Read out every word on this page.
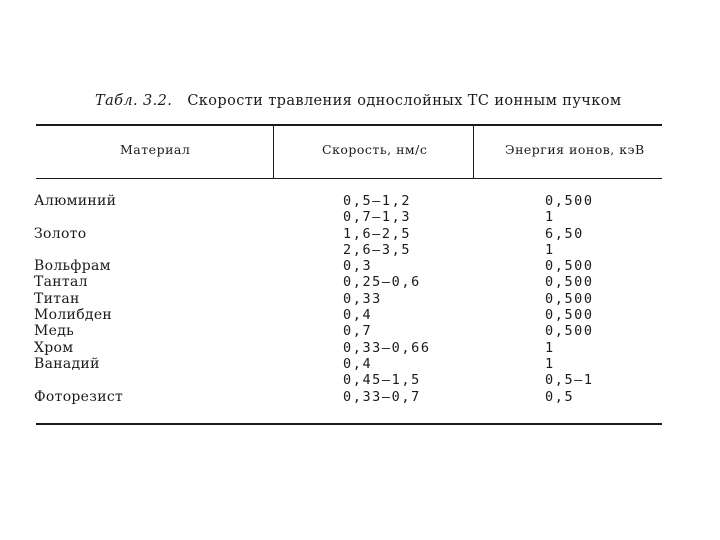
Табл. 3.2. Скорости травления однослойных ТС ионным пучком
Материал	Скорость, нм/с	Энергия ионов, кэВ
Алюминий
Золото
Вольфрам
Тантал
Титан
Молибден
Медь
Хром
Ванадий
Фоторезист
0,5—1,2
0,7—1,3
1,6—2,5
2,6—3,5
0,3
0,25—0,6
0,33
0,4
0,7
0,33—0,66
0,4
0,45—1,5
0,33—0,7
0,500
1
6,50
1
0,500
0,500
0,500
0,500
0,500
1
1
0,5—1
0,5
